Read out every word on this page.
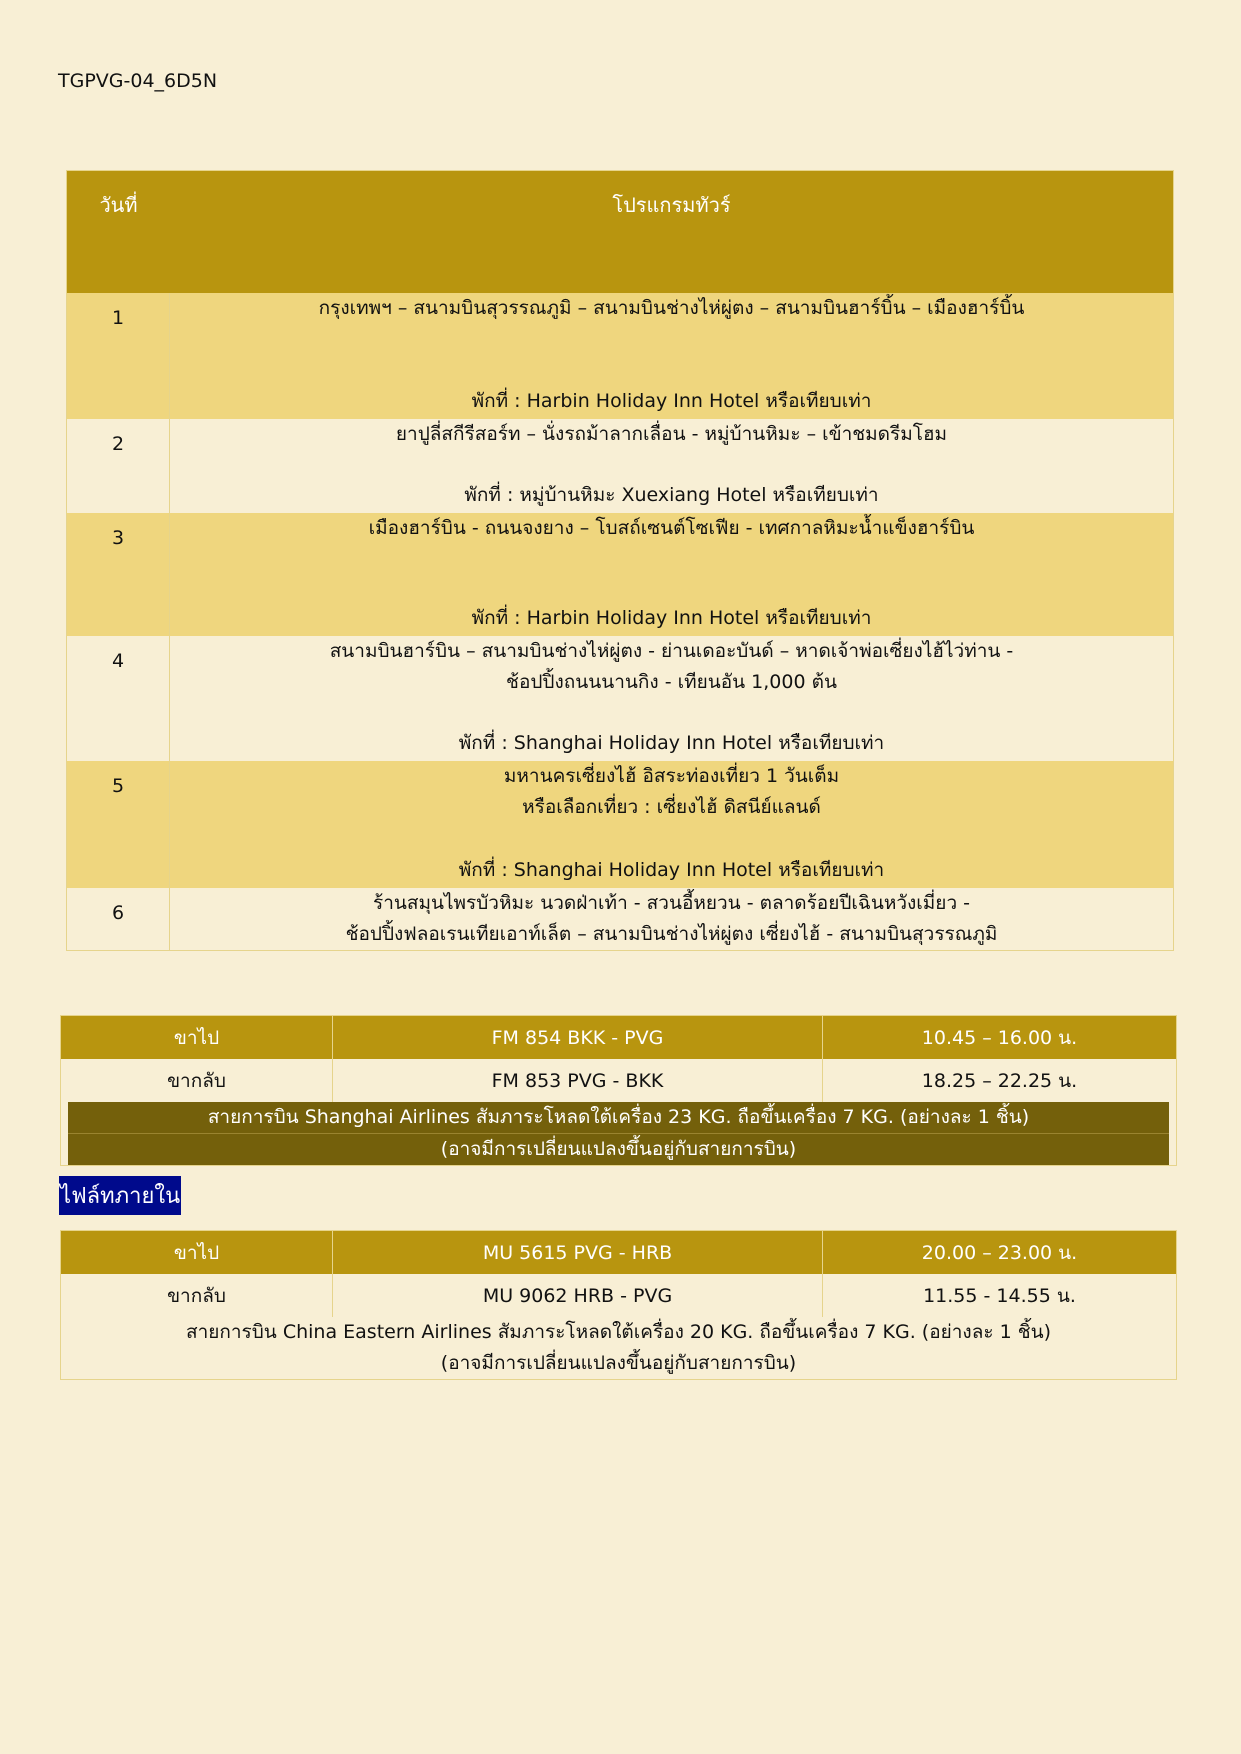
TGPVG-04_6D5N
วันที่	โปรแกรมทัวร์
1	กรุงเทพฯ – สนามบินสุวรรณภูมิ – สนามบินช่างไห่ผู่ตง – สนามบินฮาร์บิ้น – เมืองฮาร์บิ้น
พักที่ : Harbin Holiday Inn Hotel หรือเทียบเท่า
2	ยาปูลี่สกีรีสอร์ท – นั่งรถม้าลากเลื่อน - หมู่บ้านหิมะ – เข้าชมดรีมโฮม
พักที่ : หมู่บ้านหิมะ Xuexiang Hotel หรือเทียบเท่า
3	เมืองฮาร์บิน - ถนนจงยาง – โบสถ์เซนต์โซเฟีย - เทศกาลหิมะน้ำแข็งฮาร์บิน
พักที่ : Harbin Holiday Inn Hotel หรือเทียบเท่า
4	สนามบินฮาร์บิน – สนามบินช่างไห่ผู่ตง - ย่านเดอะบันด์ – หาดเจ้าพ่อเซี่ยงไฮ้ไว่ท่าน -
ช้อปปิ้งถนนนานกิง - เทียนอัน 1,000 ต้น
พักที่ : Shanghai Holiday Inn Hotel หรือเทียบเท่า
5	มหานครเซี่ยงไฮ้ อิสระท่องเที่ยว 1 วันเต็ม
หรือเลือกเที่ยว : เซี่ยงไฮ้ ดิสนีย์แลนด์
พักที่ : Shanghai Holiday Inn Hotel หรือเทียบเท่า
6	ร้านสมุนไพรบัวหิมะ นวดฝ่าเท้า - สวนอี้หยวน - ตลาดร้อยปีเฉินหวังเมี่ยว -
ช้อปปิ้งฟลอเรนเทียเอาท์เล็ต – สนามบินช่างไห่ผู่ตง เซี่ยงไฮ้ - สนามบินสุวรรณภูมิ
ขาไป	FM 854 BKK - PVG	10.45 – 16.00 น.
ขากลับ	FM 853 PVG - BKK	18.25 – 22.25 น.
สายการบิน Shanghai Airlines สัมภาระโหลดใต้เครื่อง 23 KG. ถือขึ้นเครื่อง 7 KG. (อย่างละ 1 ชิ้น)
(อาจมีการเปลี่ยนแปลงขึ้นอยู่กับสายการบิน)
ไฟล์ทภายใน
ขาไป	MU 5615 PVG - HRB	20.00 – 23.00 น.
ขากลับ	MU 9062 HRB - PVG	11.55 - 14.55 น.
สายการบิน China Eastern Airlines สัมภาระโหลดใต้เครื่อง 20 KG. ถือขึ้นเครื่อง 7 KG. (อย่างละ 1 ชิ้น)
(อาจมีการเปลี่ยนแปลงขึ้นอยู่กับสายการบิน)
